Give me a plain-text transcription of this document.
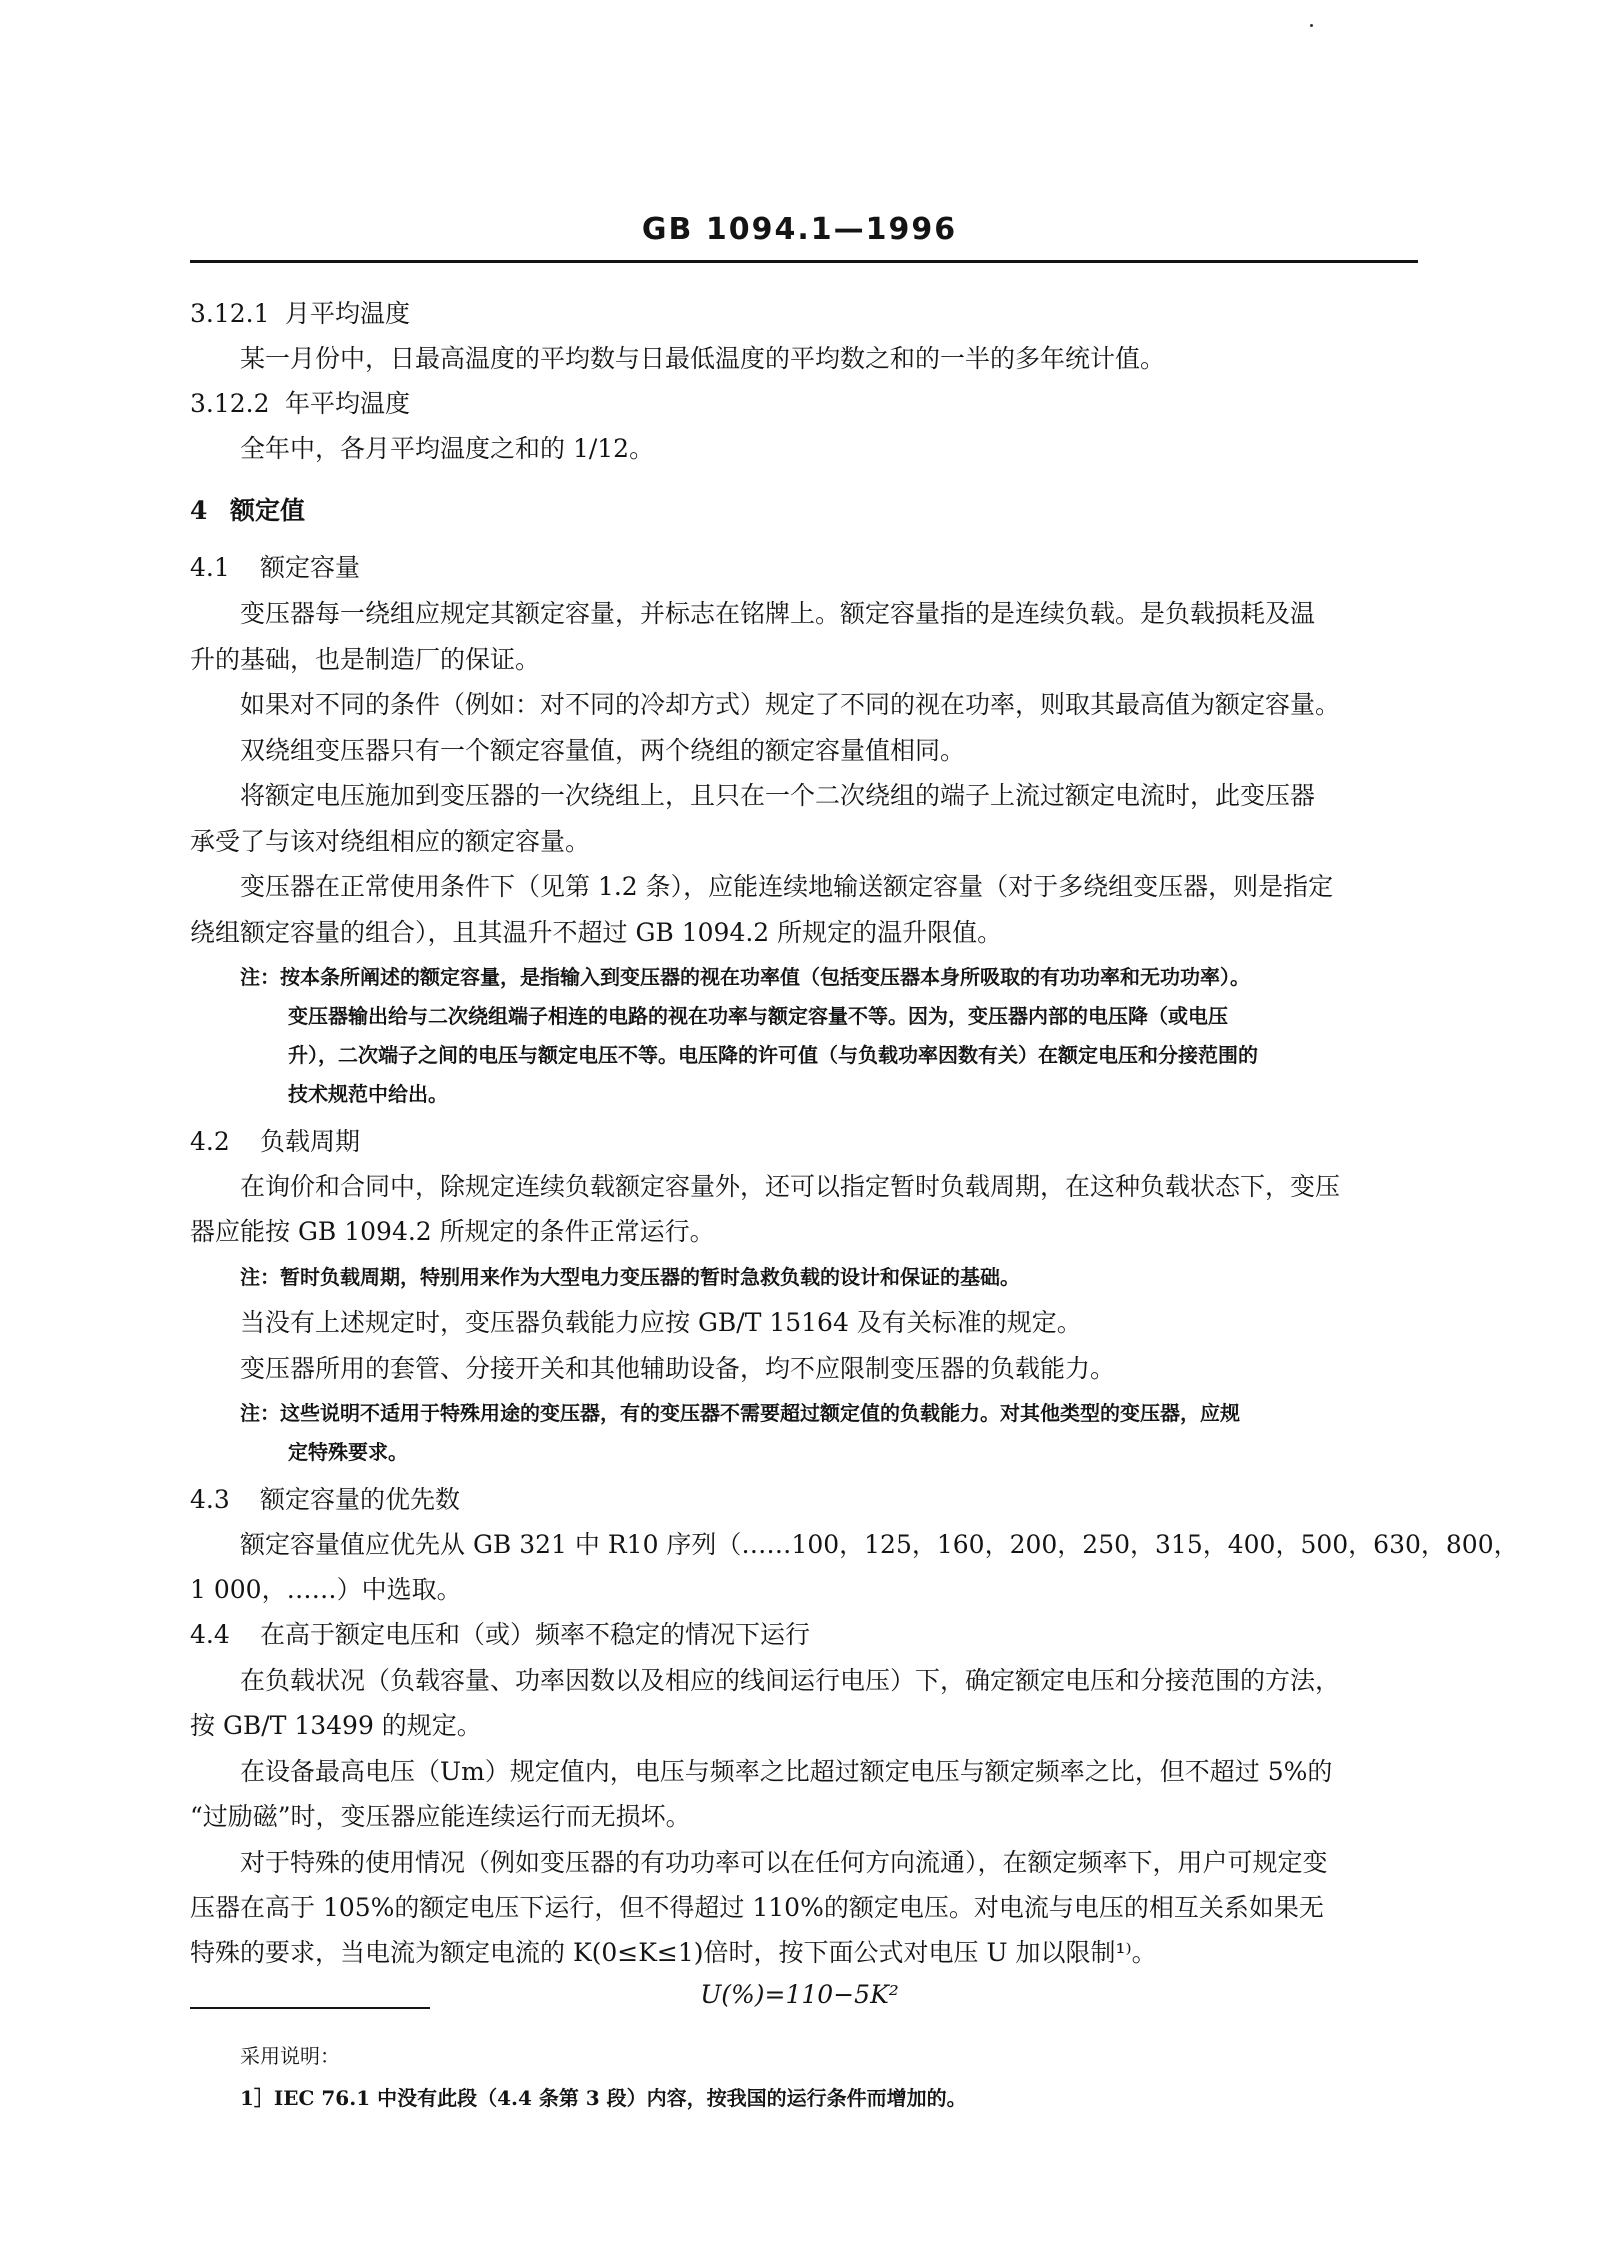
GB 1094.1—1996
3.12.1 月平均温度
某一月份中，日最高温度的平均数与日最低温度的平均数之和的一半的多年统计值。
3.12.2 年平均温度
全年中，各月平均温度之和的 1/12。
4 额定值
4.1 额定容量
变压器每一绕组应规定其额定容量，并标志在铭牌上。额定容量指的是连续负载。是负载损耗及温
升的基础，也是制造厂的保证。
如果对不同的条件（例如：对不同的冷却方式）规定了不同的视在功率，则取其最高值为额定容量。
双绕组变压器只有一个额定容量值，两个绕组的额定容量值相同。
将额定电压施加到变压器的一次绕组上，且只在一个二次绕组的端子上流过额定电流时，此变压器
承受了与该对绕组相应的额定容量。
变压器在正常使用条件下（见第 1.2 条），应能连续地输送额定容量（对于多绕组变压器，则是指定
绕组额定容量的组合），且其温升不超过 GB 1094.2 所规定的温升限值。
注：按本条所阐述的额定容量，是指输入到变压器的视在功率值（包括变压器本身所吸取的有功功率和无功功率）。
变压器输出给与二次绕组端子相连的电路的视在功率与额定容量不等。因为，变压器内部的电压降（或电压
升），二次端子之间的电压与额定电压不等。电压降的许可值（与负载功率因数有关）在额定电压和分接范围的
技术规范中给出。
4.2 负载周期
在询价和合同中，除规定连续负载额定容量外，还可以指定暂时负载周期，在这种负载状态下，变压
器应能按 GB 1094.2 所规定的条件正常运行。
注：暂时负载周期，特别用来作为大型电力变压器的暂时急救负载的设计和保证的基础。
当没有上述规定时，变压器负载能力应按 GB/T 15164 及有关标准的规定。
变压器所用的套管、分接开关和其他辅助设备，均不应限制变压器的负载能力。
注：这些说明不适用于特殊用途的变压器，有的变压器不需要超过额定值的负载能力。对其他类型的变压器，应规
定特殊要求。
4.3 额定容量的优先数
额定容量值应优先从 GB 321 中 R10 序列（……100，125，160，200，250，315，400，500，630，800，
1 000，……）中选取。
4.4 在高于额定电压和（或）频率不稳定的情况下运行
在负载状况（负载容量、功率因数以及相应的线间运行电压）下，确定额定电压和分接范围的方法，
按 GB/T 13499 的规定。
在设备最高电压（Um）规定值内，电压与频率之比超过额定电压与额定频率之比，但不超过 5%的
“过励磁”时，变压器应能连续运行而无损坏。
对于特殊的使用情况（例如变压器的有功功率可以在任何方向流通），在额定频率下，用户可规定变
压器在高于 105%的额定电压下运行，但不得超过 110%的额定电压。对电流与电压的相互关系如果无
特殊的要求，当电流为额定电流的 K(0≤K≤1)倍时，按下面公式对电压 U 加以限制¹⁾。
U(%)=110−5K²
采用说明：
1］IEC 76.1 中没有此段（4.4 条第 3 段）内容，按我国的运行条件而增加的。
